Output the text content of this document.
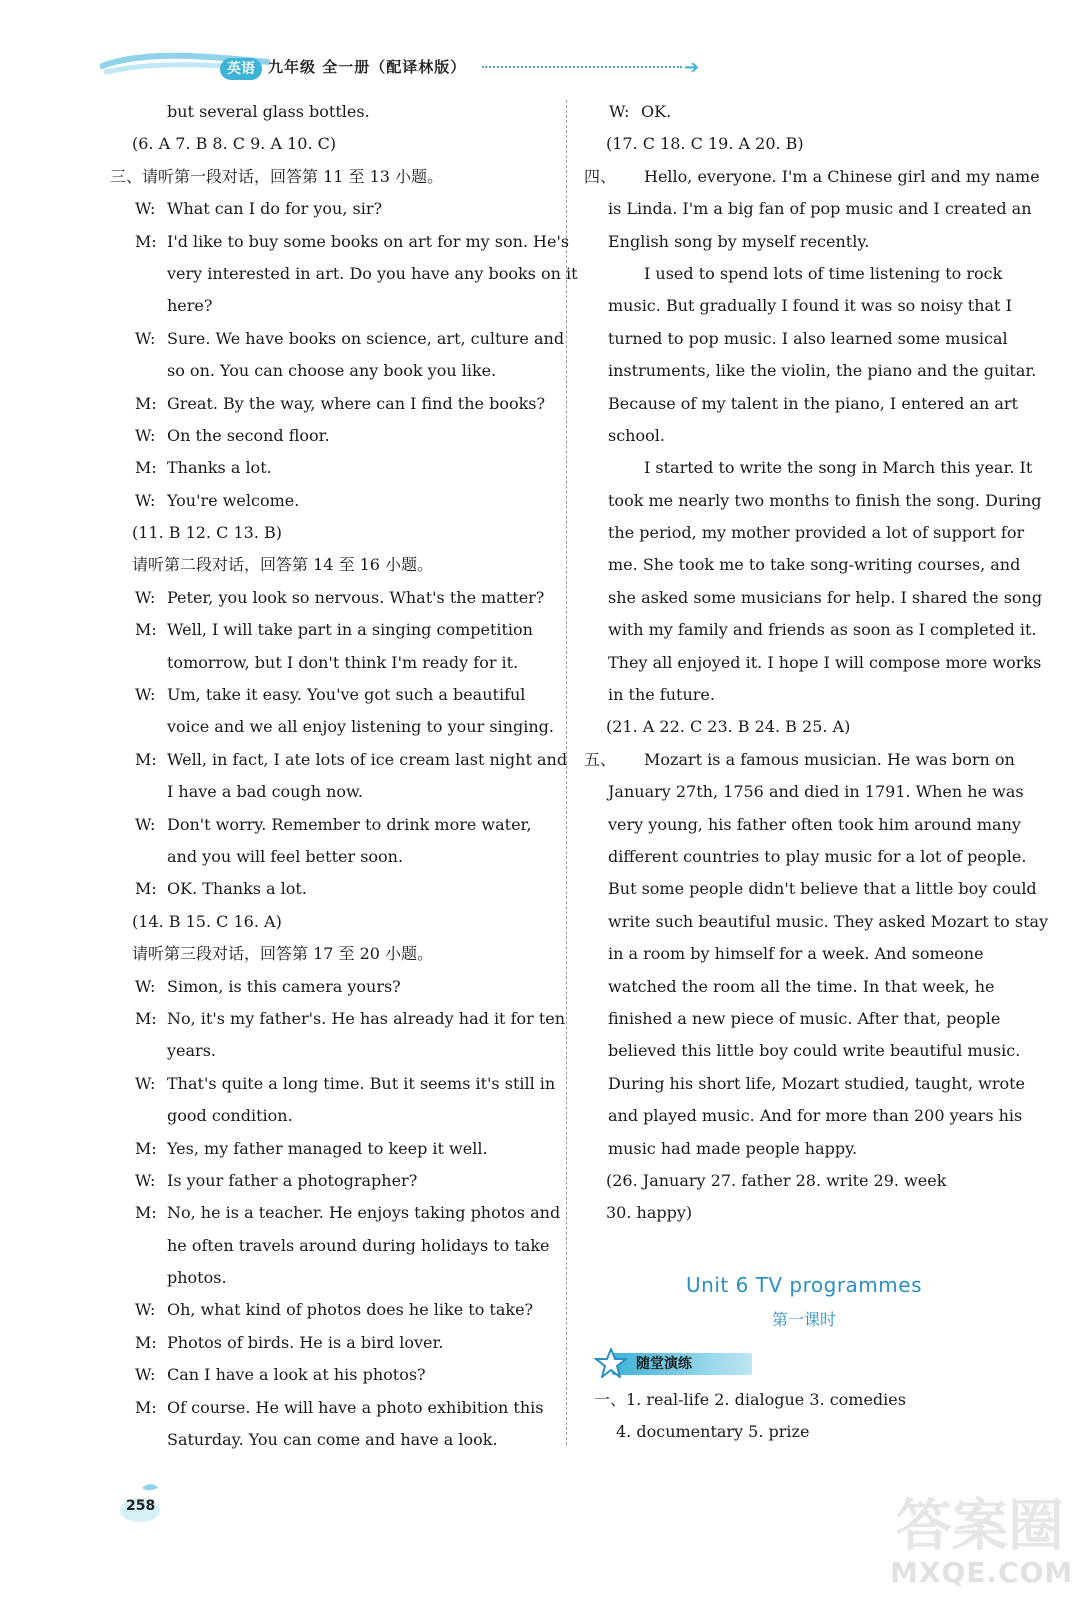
英语 九年级 全一册（配译林版）	➔
but several glass bottles.
(6. A 7. B 8. C 9. A 10. C)
三、请听第一段对话，回答第 11 至 13 小题。
W: What can I do for you, sir?
M: I'd like to buy some books on art for my son. He's
very interested in art. Do you have any books on it
here?
W: Sure. We have books on science, art, culture and
so on. You can choose any book you like.
M: Great. By the way, where can I find the books?
W: On the second floor.
M: Thanks a lot.
W: You're welcome.
(11. B 12. C 13. B)
请听第二段对话，回答第 14 至 16 小题。
W: Peter, you look so nervous. What's the matter?
M: Well, I will take part in a singing competition
tomorrow, but I don't think I'm ready for it.
W: Um, take it easy. You've got such a beautiful
voice and we all enjoy listening to your singing.
M: Well, in fact, I ate lots of ice cream last night and
I have a bad cough now.
W: Don't worry. Remember to drink more water,
and you will feel better soon.
M: OK. Thanks a lot.
(14. B 15. C 16. A)
请听第三段对话，回答第 17 至 20 小题。
W: Simon, is this camera yours?
M: No, it's my father's. He has already had it for ten
years.
W: That's quite a long time. But it seems it's still in
good condition.
M: Yes, my father managed to keep it well.
W: Is your father a photographer?
M: No, he is a teacher. He enjoys taking photos and
he often travels around during holidays to take
photos.
W: Oh, what kind of photos does he like to take?
M: Photos of birds. He is a bird lover.
W: Can I have a look at his photos?
M: Of course. He will have a photo exhibition this
Saturday. You can come and have a look.
W: OK.
(17. C 18. C 19. A 20. B)
四、 Hello, everyone. I'm a Chinese girl and my name
is Linda. I'm a big fan of pop music and I created an
English song by myself recently.
I used to spend lots of time listening to rock
music. But gradually I found it was so noisy that I
turned to pop music. I also learned some musical
instruments, like the violin, the piano and the guitar.
Because of my talent in the piano, I entered an art
school.
I started to write the song in March this year. It
took me nearly two months to finish the song. During
the period, my mother provided a lot of support for
me. She took me to take song-writing courses, and
she asked some musicians for help. I shared the song
with my family and friends as soon as I completed it.
They all enjoyed it. I hope I will compose more works
in the future.
(21. A 22. C 23. B 24. B 25. A)
五、 Mozart is a famous musician. He was born on
January 27th, 1756 and died in 1791. When he was
very young, his father often took him around many
different countries to play music for a lot of people.
But some people didn't believe that a little boy could
write such beautiful music. They asked Mozart to stay
in a room by himself for a week. And someone
watched the room all the time. In that week, he
finished a new piece of music. After that, people
believed this little boy could write beautiful music.
During his short life, Mozart studied, taught, wrote
and played music. And for more than 200 years his
music had made people happy.
(26. January 27. father 28. write 29. week
30. happy)
Unit 6 TV programmes
第一课时
随堂演练
一、1. real-life 2. dialogue 3. comedies
4. documentary 5. prize
258	答案圈
MXQE.COM
